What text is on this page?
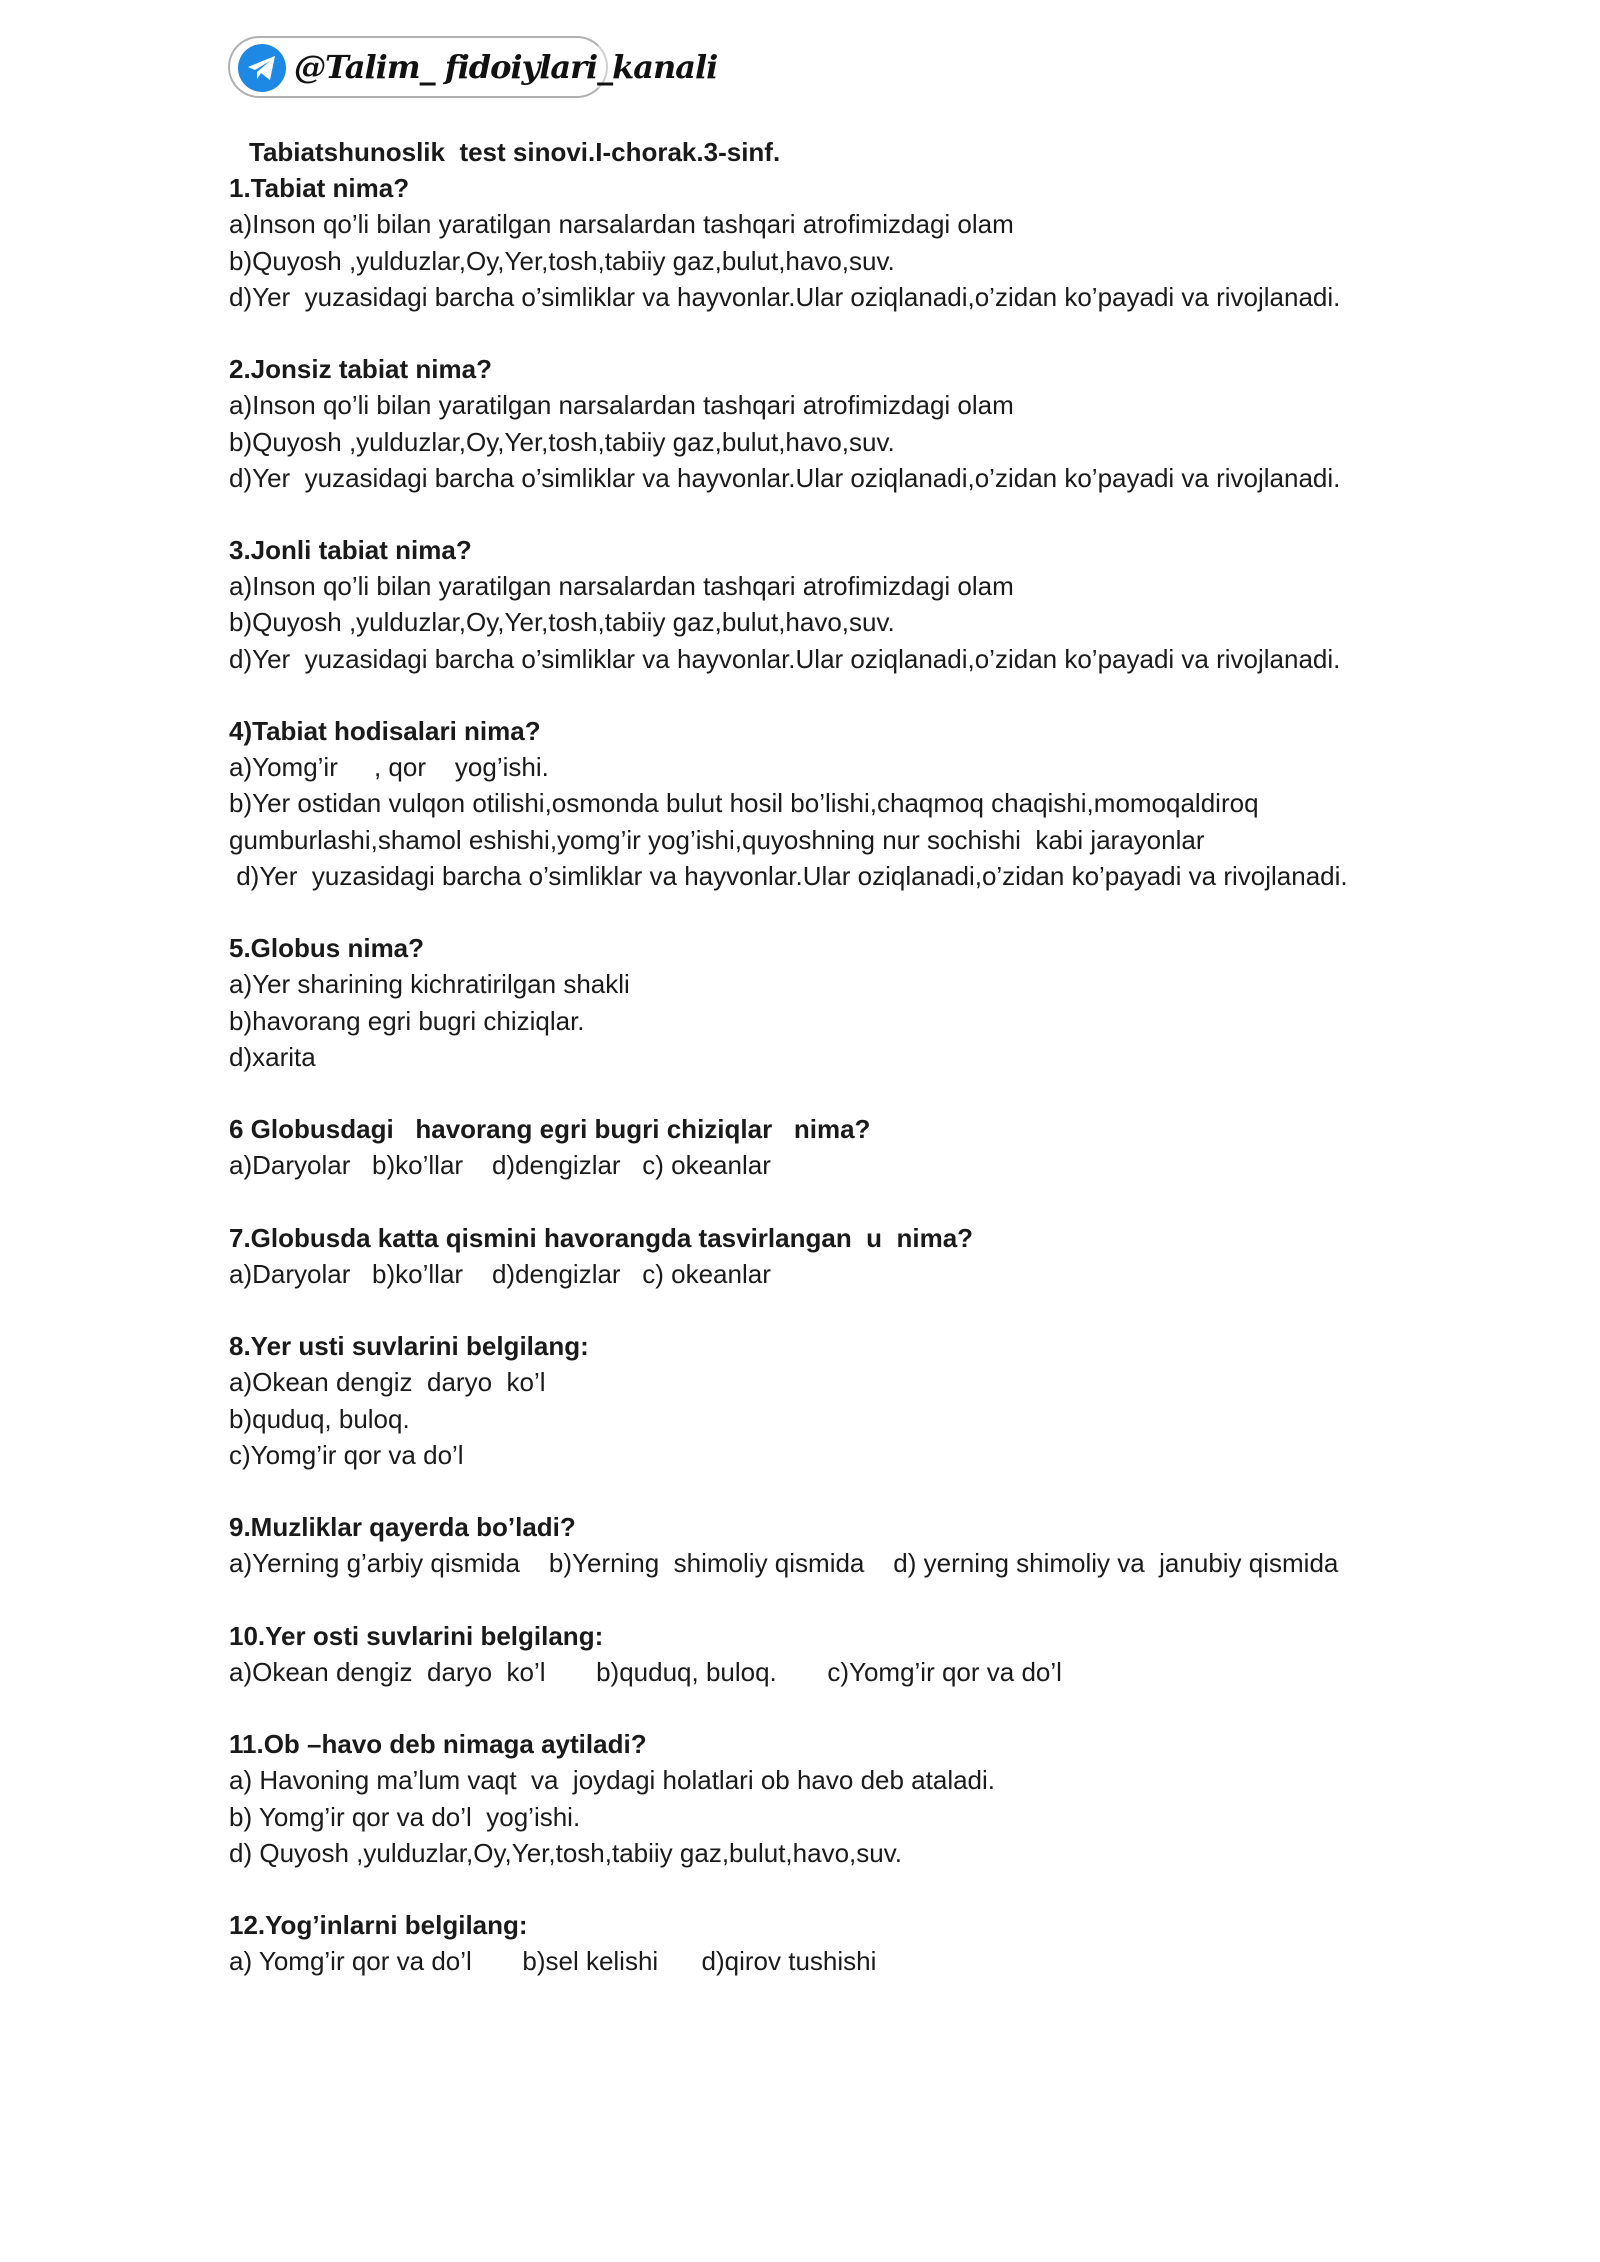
@Talim_ fidoiylari_kanali

Tabiatshunoslik  test sinovi.I-chorak.3-sinf.

1.Tabiat nima?

a)Inson qo’li bilan yaratilgan narsalardan tashqari atrofimizdagi olam

b)Quyosh ,yulduzlar,Oy,Yer,tosh,tabiiy gaz,bulut,havo,suv.

d)Yer  yuzasidagi barcha o’simliklar va hayvonlar.Ular oziqlanadi,o’zidan ko’payadi va rivojlanadi.

2.Jonsiz tabiat nima?

a)Inson qo’li bilan yaratilgan narsalardan tashqari atrofimizdagi olam

b)Quyosh ,yulduzlar,Oy,Yer,tosh,tabiiy gaz,bulut,havo,suv.

d)Yer  yuzasidagi barcha o’simliklar va hayvonlar.Ular oziqlanadi,o’zidan ko’payadi va rivojlanadi.

3.Jonli tabiat nima?

a)Inson qo’li bilan yaratilgan narsalardan tashqari atrofimizdagi olam

b)Quyosh ,yulduzlar,Oy,Yer,tosh,tabiiy gaz,bulut,havo,suv.

d)Yer  yuzasidagi barcha o’simliklar va hayvonlar.Ular oziqlanadi,o’zidan ko’payadi va rivojlanadi.

4)Tabiat hodisalari nima?

a)Yomg’ir     , qor    yog’ishi.

b)Yer ostidan vulqon otilishi,osmonda bulut hosil bo’lishi,chaqmoq chaqishi,momoqaldiroq

gumburlashi,shamol eshishi,yomg’ir yog’ishi,quyoshning nur sochishi  kabi jarayonlar

d)Yer  yuzasidagi barcha o’simliklar va hayvonlar.Ular oziqlanadi,o’zidan ko’payadi va rivojlanadi.

5.Globus nima?

a)Yer sharining kichratirilgan shakli

b)havorang egri bugri chiziqlar.

d)xarita

6 Globusdagi   havorang egri bugri chiziqlar   nima?

a)Daryolar   b)ko’llar    d)dengizlar   c) okeanlar

7.Globusda katta qismini havorangda tasvirlangan  u  nima?

a)Daryolar   b)ko’llar    d)dengizlar   c) okeanlar

8.Yer usti suvlarini belgilang:

a)Okean dengiz  daryo  ko’l

b)quduq, buloq.

c)Yomg’ir qor va do’l

9.Muzliklar qayerda bo’ladi?

a)Yerning g’arbiy qismida    b)Yerning  shimoliy qismida    d) yerning shimoliy va  janubiy qismida

10.Yer osti suvlarini belgilang:

a)Okean dengiz  daryo  ko’l       b)quduq, buloq.       c)Yomg’ir qor va do’l

11.Ob –havo deb nimaga aytiladi?

a) Havoning ma’lum vaqt  va  joydagi holatlari ob havo deb ataladi.

b) Yomg’ir qor va do’l  yog’ishi.

d) Quyosh ,yulduzlar,Oy,Yer,tosh,tabiiy gaz,bulut,havo,suv.

12.Yog’inlarni belgilang:

a) Yomg’ir qor va do’l       b)sel kelishi      d)qirov tushishi
